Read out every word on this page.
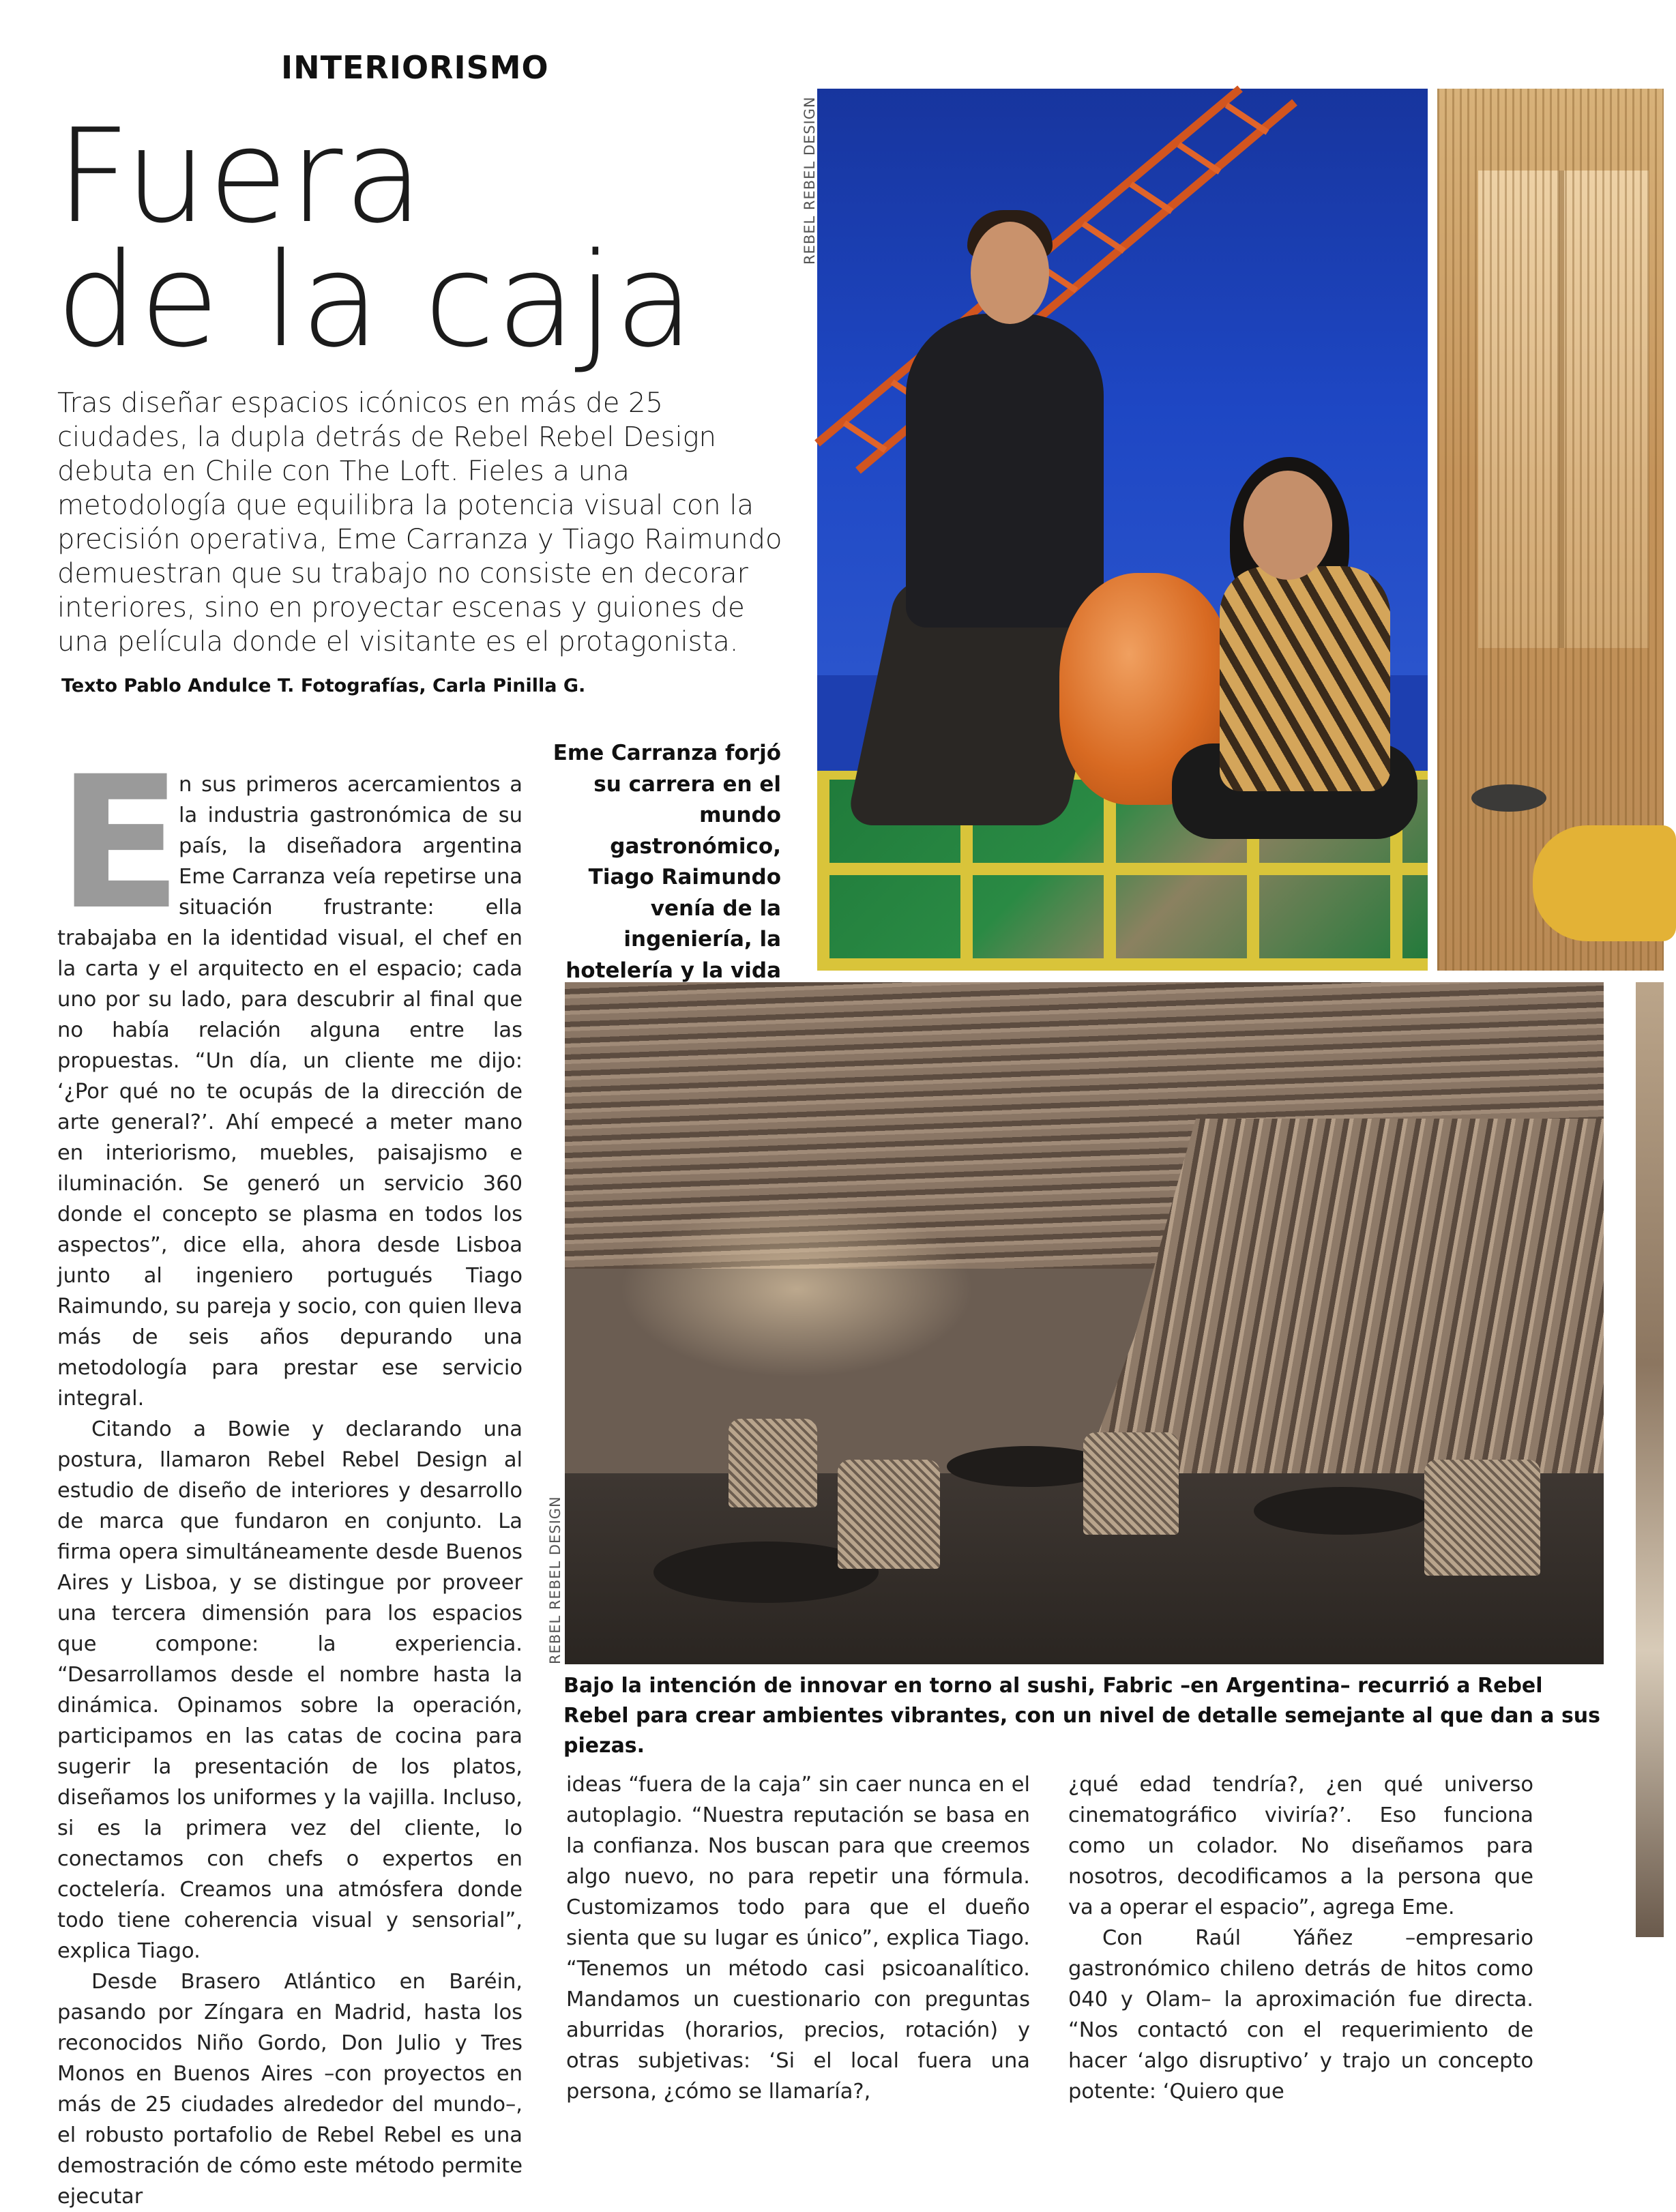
INTERIORISMO
Fuera
de la caja
Tras diseñar espacios icónicos en más de 25 ciudades, la dupla detrás de Rebel Rebel Design debuta en Chile con The Loft. Fieles a una metodología que equilibra la potencia visual con la precisión operativa, Eme Carranza y Tiago Raimundo demuestran que su trabajo no consiste en decorar interiores, sino en proyectar escenas y guiones de una película donde el visitante es el protagonista.
Texto Pablo Andulce T. Fotografías, Carla Pinilla G.
REBEL REBEL DESIGN
Eme Carranza forjó su carrera en el mundo gastronómico, Tiago Raimundo venía de la ingeniería, la hotelería y la vida
REBEL REBEL DESIGN
Bajo la intención de innovar en torno al sushi, Fabric –en Argentina– recurrió a Rebel Rebel para crear ambientes vibrantes, con un nivel de detalle semejante al que dan a sus piezas.
E

n sus primeros acercamientos a la industria gastronómica de su país, la diseñadora argentina Eme Carranza veía repetirse una situación frustrante: ella trabajaba en la identidad visual, el chef en la carta y el arquitecto en el espacio; cada uno por su lado, para descubrir al final que no había relación alguna entre las propuestas. “Un día, un cliente me dijo: ‘¿Por qué no te ocupás de la dirección de arte general?’. Ahí empecé a meter mano en interiorismo, muebles, paisajismo e iluminación. Se generó un servicio 360 donde el concepto se plasma en todos los aspectos”, dice ella, ahora desde Lisboa junto al ingeniero portugués Tiago Raimundo, su pareja y socio, con quien lleva más de seis años depurando una metodología para prestar ese servicio integral.

Citando a Bowie y declarando una postura, llamaron Rebel Rebel Design al estudio de diseño de interiores y desarrollo de marca que fundaron en conjunto. La firma opera simultáneamente desde Buenos Aires y Lisboa, y se distingue por proveer una tercera dimensión para los espacios que compone: la experiencia. “Desarrollamos desde el nombre hasta la dinámica. Opinamos sobre la operación, participamos en las catas de cocina para sugerir la presentación de los platos, diseñamos los uniformes y la vajilla. Incluso, si es la primera vez del cliente, lo conectamos con chefs o expertos en coctelería. Creamos una atmósfera donde todo tiene coherencia visual y sensorial”, explica Tiago.

Desde Brasero Atlántico en Baréin, pasando por Zíngara en Madrid, hasta los reconocidos Niño Gordo, Don Julio y Tres Monos en Buenos Aires –con proyectos en más de 25 ciudades alrededor del mundo–, el robusto portafolio de Rebel Rebel es una demostración de cómo este método permite ejecutar

ideas “fuera de la caja” sin caer nunca en el autoplagio. “Nuestra reputación se basa en la confianza. Nos buscan para que creemos algo nuevo, no para repetir una fórmula. Customizamos todo para que el dueño sienta que su lugar es único”, explica Tiago. “Tenemos un método casi psicoanalítico. Mandamos un cuestionario con preguntas aburridas (horarios, precios, rotación) y otras subjetivas: ‘Si el local fuera una persona, ¿cómo se llamaría?,

¿qué edad tendría?, ¿en qué universo cinematográfico viviría?’. Eso funciona como un colador. No diseñamos para nosotros, decodificamos a la persona que va a operar el espacio”, agrega Eme.

Con Raúl Yáñez –empresario gastronómico chileno detrás de hitos como 040 y Olam– la aproximación fue directa. “Nos contactó con el requerimiento de hacer ‘algo disruptivo’ y trajo un concepto potente: ‘Quiero que
